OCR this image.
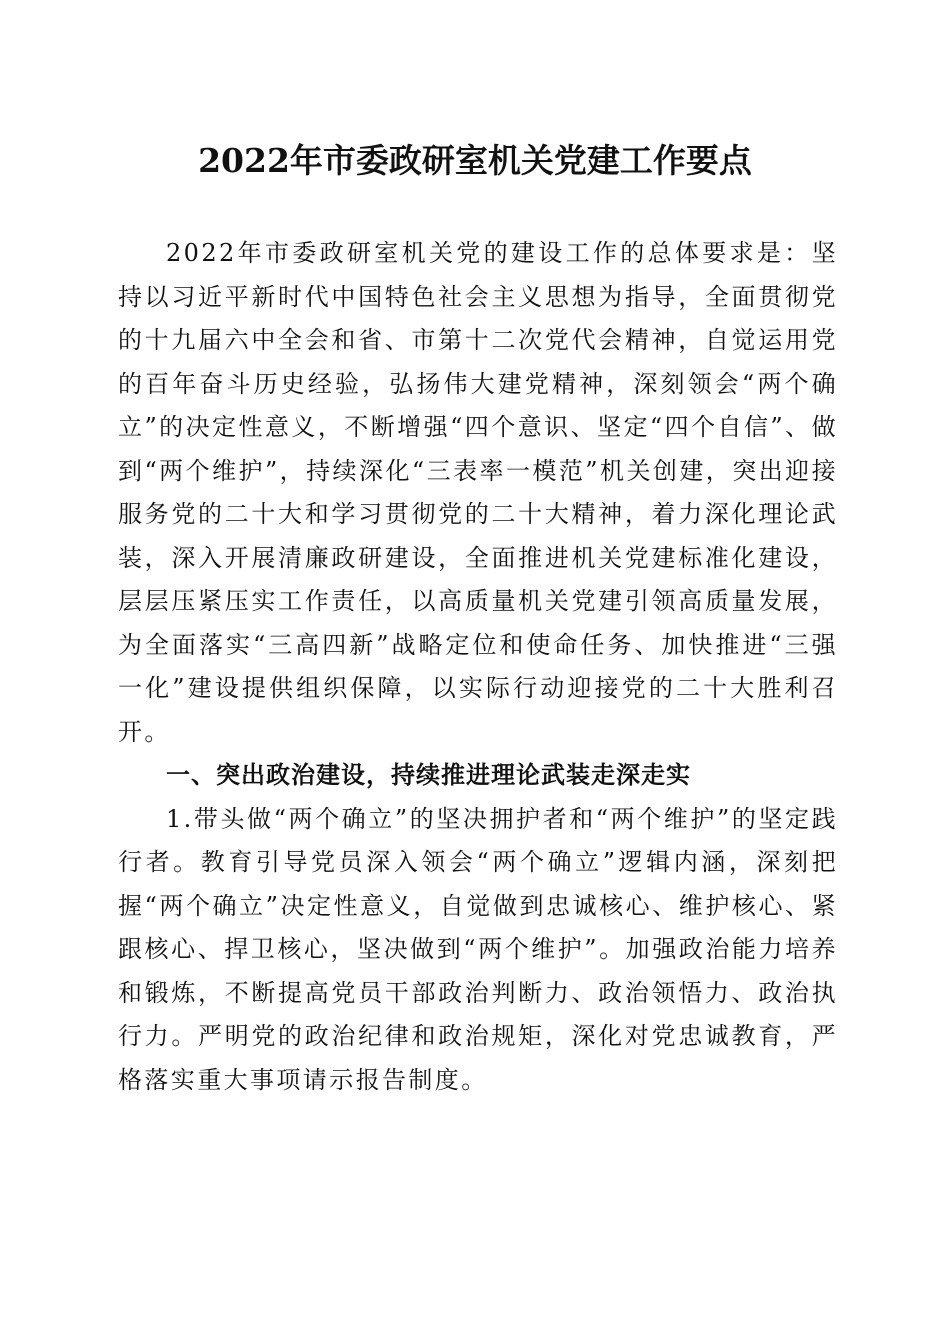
2022年市委政研室机关党建工作要点

2022年市委政研室机关党的建设工作的总体要求是：坚持以习近平新时代中国特色社会主义思想为指导，全面贯彻党的十九届六中全会和省、市第十二次党代会精神，自觉运用党的百年奋斗历史经验，弘扬伟大建党精神，深刻领会“两个确立”的决定性意义，不断增强“四个意识、坚定“四个自信”、做到“两个维护”，持续深化“三表率一模范”机关创建，突出迎接服务党的二十大和学习贯彻党的二十大精神，着力深化理论武装，深入开展清廉政研建设，全面推进机关党建标准化建设，层层压紧压实工作责任，以高质量机关党建引领高质量发展，为全面落实“三高四新”战略定位和使命任务、加快推进“三强一化”建设提供组织保障，以实际行动迎接党的二十大胜利召开。

一、突出政治建设，持续推进理论武装走深走实

1.带头做“两个确立”的坚决拥护者和“两个维护”的坚定践行者。教育引导党员深入领会“两个确立”逻辑内涵，深刻把握“两个确立”决定性意义，自觉做到忠诚核心、维护核心、紧跟核心、捍卫核心，坚决做到“两个维护”。加强政治能力培养和锻炼，不断提高党员干部政治判断力、政治领悟力、政治执行力。严明党的政治纪律和政治规矩，深化对党忠诚教育，严格落实重大事项请示报告制度。
